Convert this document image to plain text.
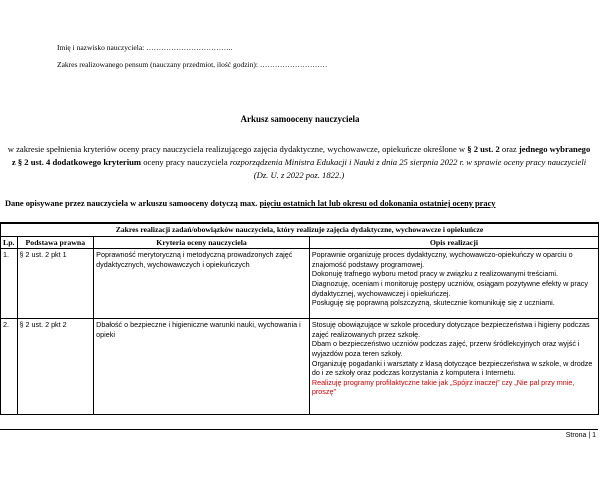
Imię i nazwisko nauczyciela: ……………………………..
Zakres realizowanego pensum (nauczany przedmiot, ilość godzin): ………………………
Arkusz samooceny nauczyciela
w zakresie spełnienia kryteriów oceny pracy nauczyciela realizującego zajęcia dydaktyczne, wychowawcze, opiekuńcze określone w § 2 ust. 2 oraz jednego wybranego z § 2 ust. 4 dodatkowego kryterium oceny pracy nauczyciela rozporządzenia Ministra Edukacji i Nauki z dnia 25 sierpnia 2022 r. w sprawie oceny pracy nauczycieli (Dz. U. z 2022 poz. 1822.)
Dane opisywane przez nauczyciela w arkuszu samooceny dotyczą max. pięciu ostatnich lat lub okresu od dokonania ostatniej oceny pracy
Zakres realizacji zadań/obowiązków nauczyciela, który realizuje zajęcia dydaktyczne, wychowawcze i opiekuńcze			
Lp.	Podstawa prawna	Kryteria oceny nauczyciela	Opis realizacji
1.	§ 2 ust. 2 pkt 1	Poprawność merytoryczną i metodyczną prowadzonych zajęć dydaktycznych, wychowawczych i opiekuńczych	Poprawnie organizuję proces dydaktyczny, wychowawczo-opiekuńczy w oparciu o znajomość podstawy programowej.
Dokonuję trafnego wyboru metod pracy w związku z realizowanymi treściami.
Diagnozuję, oceniam i monitoruję postępy uczniów, osiągam pozytywne efekty w pracy dydaktycznej, wychowawczej i opiekuńczej.
Posługuję się poprawną polszczyzną, skutecznie komunikuję się z uczniami.

2.	§ 2 ust. 2 pkt 2	Dbałość o bezpieczne i higieniczne warunki nauki, wychowania i opieki	Stosuję obowiązujące w szkole procedury dotyczące bezpieczeństwa i higieny podczas zajęć realizowanych przez szkołę.
Dbam o bezpieczeństwo uczniów podczas zajęć, przerw śródlekcyjnych oraz wyjść i wyjazdów poza teren szkoły.
Organizuję pogadanki i warsztaty z klasą dotyczące bezpieczeństwa w szkole, w drodze do i ze szkoły oraz podczas korzystania z komputera i Internetu.
Realizuję programy profilaktyczne takie jak „Spójrz inaczej” czy „Nie pal przy mnie, proszę”
Strona | 1
